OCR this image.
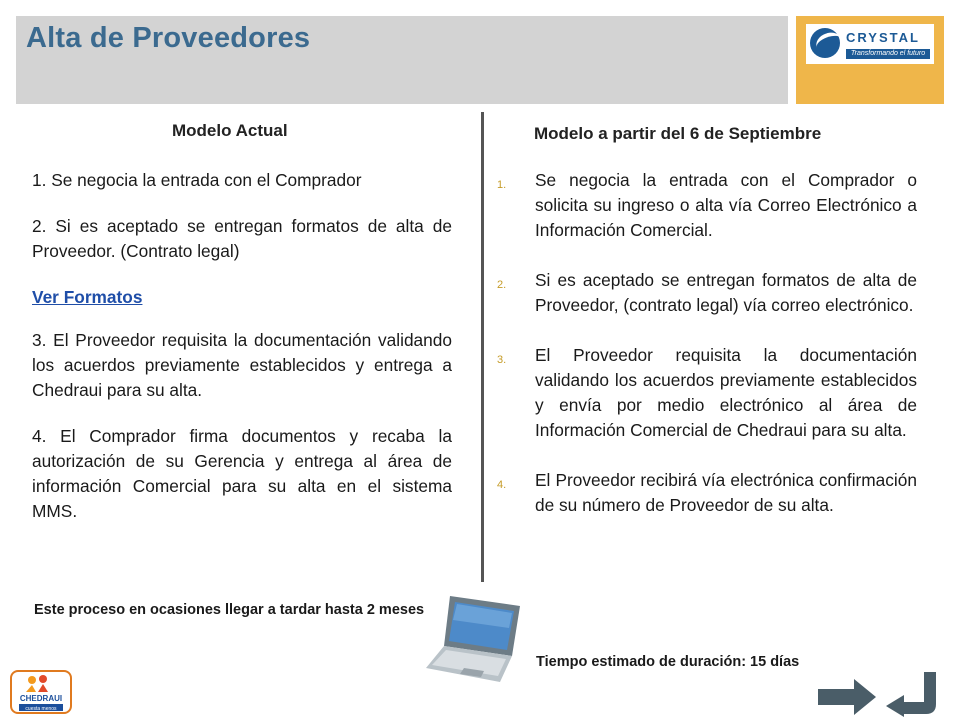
Alta de Proveedores	CRYSTAL
Transformando el futuro
Modelo Actual	Modelo a partir del 6 de Septiembre

1. Se negocia la entrada con el Comprador

2. Si es aceptado se entregan formatos de alta de Proveedor. (Contrato legal)

Ver Formatos

3. El Proveedor requisita la documentación validando los acuerdos previamente establecidos y entrega a Chedraui para su alta.

4. El Comprador firma documentos y recaba la autorización de su Gerencia y entrega al área de información Comercial para su alta en el sistema MMS.

Este proceso en ocasiones llegar a tardar hasta 2 meses
1.	Se negocia la entrada con el Comprador o solicita su ingreso o alta vía Correo Electrónico a Información Comercial.
2.	Si es aceptado se entregan formatos de alta de Proveedor, (contrato legal) vía correo electrónico.
3.	El Proveedor requisita la documentación validando los acuerdos previamente establecidos y envía por medio electrónico al área de Información Comercial de Chedraui para su alta.
4.	El Proveedor recibirá vía electrónica confirmación de su número de Proveedor de su alta.
Tiempo estimado de duración: 15 días
CHEDRAUI
cuesta menos
